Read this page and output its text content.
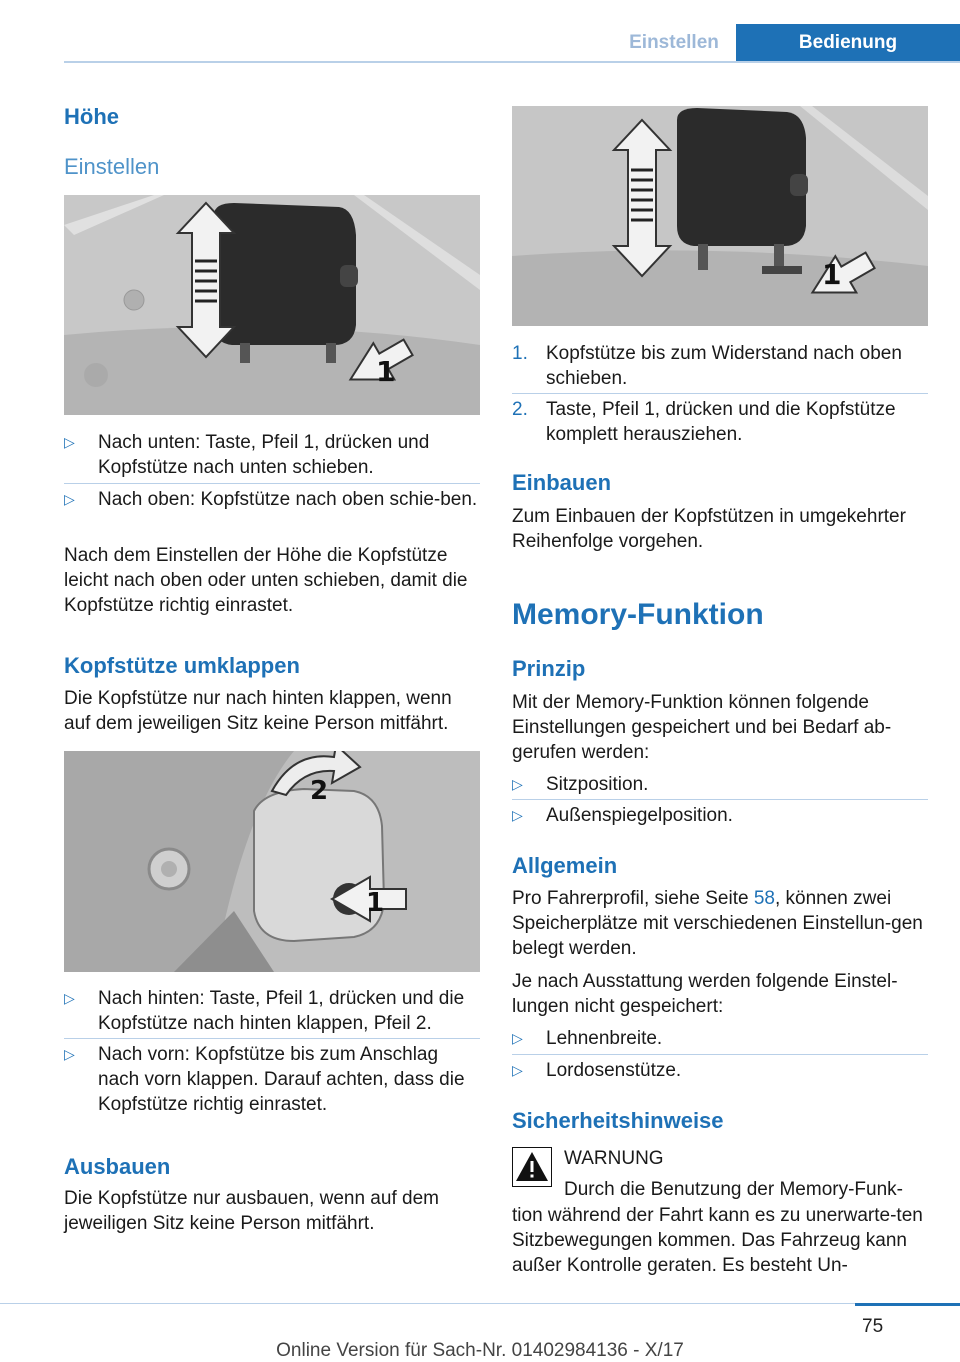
Einstellen	Bedienung
Höhe
Einstellen
1
▷	Nach unten: Taste, Pfeil 1, drücken und Kopfstütze nach unten schieben.
▷	Nach oben: Kopfstütze nach oben schie-ben.

Nach dem Einstellen der Höhe die Kopfstütze leicht nach oben oder unten schieben, damit die Kopfstütze richtig einrastet.

Kopfstütze umklappen

Die Kopfstütze nur nach hinten klappen, wenn auf dem jeweiligen Sitz keine Person mitfährt.

2
1
▷	Nach hinten: Taste, Pfeil 1, drücken und die Kopfstütze nach hinten klappen, Pfeil 2.
▷	Nach vorn: Kopfstütze bis zum Anschlag nach vorn klappen. Darauf achten, dass die Kopfstütze richtig einrastet.
Ausbauen

Die Kopfstütze nur ausbauen, wenn auf dem jeweiligen Sitz keine Person mitfährt.

1
1. Kopfstütze bis zum Widerstand nach oben schieben.
2. Taste, Pfeil 1, drücken und die Kopfstütze komplett herausziehen.
Einbauen

Zum Einbauen der Kopfstützen in umgekehrter Reihenfolge vorgehen.

Memory-Funktion
Prinzip

Mit der Memory-Funktion können folgende Einstellungen gespeichert und bei Bedarf ab-gerufen werden:

▷	Sitzposition.
▷	Außenspiegelposition.
Allgemein

Pro Fahrerprofil, siehe Seite 58, können zwei Speicherplätze mit verschiedenen Einstellun-gen belegt werden.

Je nach Ausstattung werden folgende Einstel-lungen nicht gespeichert:

▷	Lehnenbreite.
▷	Lordosenstütze.
Sicherheitshinweise
WARNUNG
Durch die Benutzung der Memory-Funk-

tion während der Fahrt kann es zu unerwarte-ten Sitzbewegungen kommen. Das Fahrzeug kann außer Kontrolle geraten. Es besteht Un-

75
Online Version für Sach-Nr. 01402984136 - X/17
